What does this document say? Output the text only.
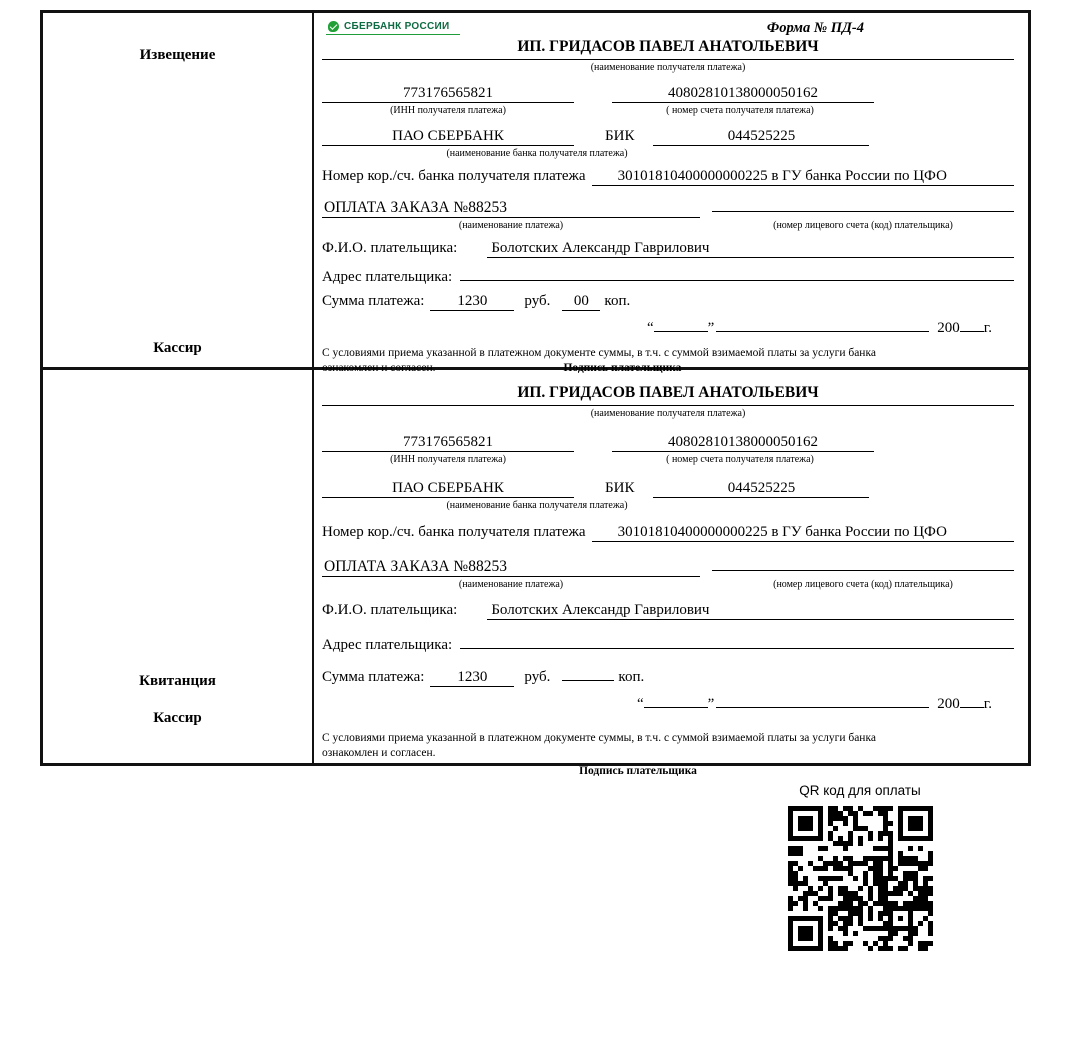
Извещение
Кассир
СБЕРБАНК РОССИИ	Форма № ПД-4
ИП. ГРИДАСОВ ПАВЕЛ АНАТОЛЬЕВИЧ
(наименование получателя платежа)
773176565821	40802810138000050162
(ИНН получателя платежа)	( номер счета получателя платежа)
ПАО СБЕРБАНК	БИК	044525225
(наименование банка получателя платежа)
Номер кор./сч. банка получателя платежа	30101810400000000225 в ГУ банка России по ЦФО
ОПЛАТА ЗАКАЗА №88253
(наименование платежа)	(номер лицевого счета (код) плательщика)
Ф.И.О. плательщика: Болотских Александр Гаврилович
Адрес плательщика:
Сумма платежа:	1230	руб.	00	коп.
“	”	200 г.
С условиями приема указанной в платежном документе суммы, в т.ч. с суммой взимаемой платы за услуги банка
ознакомлен и согласен.	Подпись плательщика
Квитанция
Кассир
ИП. ГРИДАСОВ ПАВЕЛ АНАТОЛЬЕВИЧ
(наименование получателя платежа)
773176565821	40802810138000050162
(ИНН получателя платежа)	( номер счета получателя платежа)
ПАО СБЕРБАНК	БИК	044525225
(наименование банка получателя платежа)
Номер кор./сч. банка получателя платежа	30101810400000000225 в ГУ банка России по ЦФО
ОПЛАТА ЗАКАЗА №88253
(наименование платежа)	(номер лицевого счета (код) плательщика)
Ф.И.О. плательщика: Болотских Александр Гаврилович
Адрес плательщика:
Сумма платежа:	1230	руб.	коп.
“	”	200 г.
С условиями приема указанной в платежном документе суммы, в т.ч. с суммой взимаемой платы за услуги банка
ознакомлен и согласен.
Подпись плательщика
QR код для оплаты
